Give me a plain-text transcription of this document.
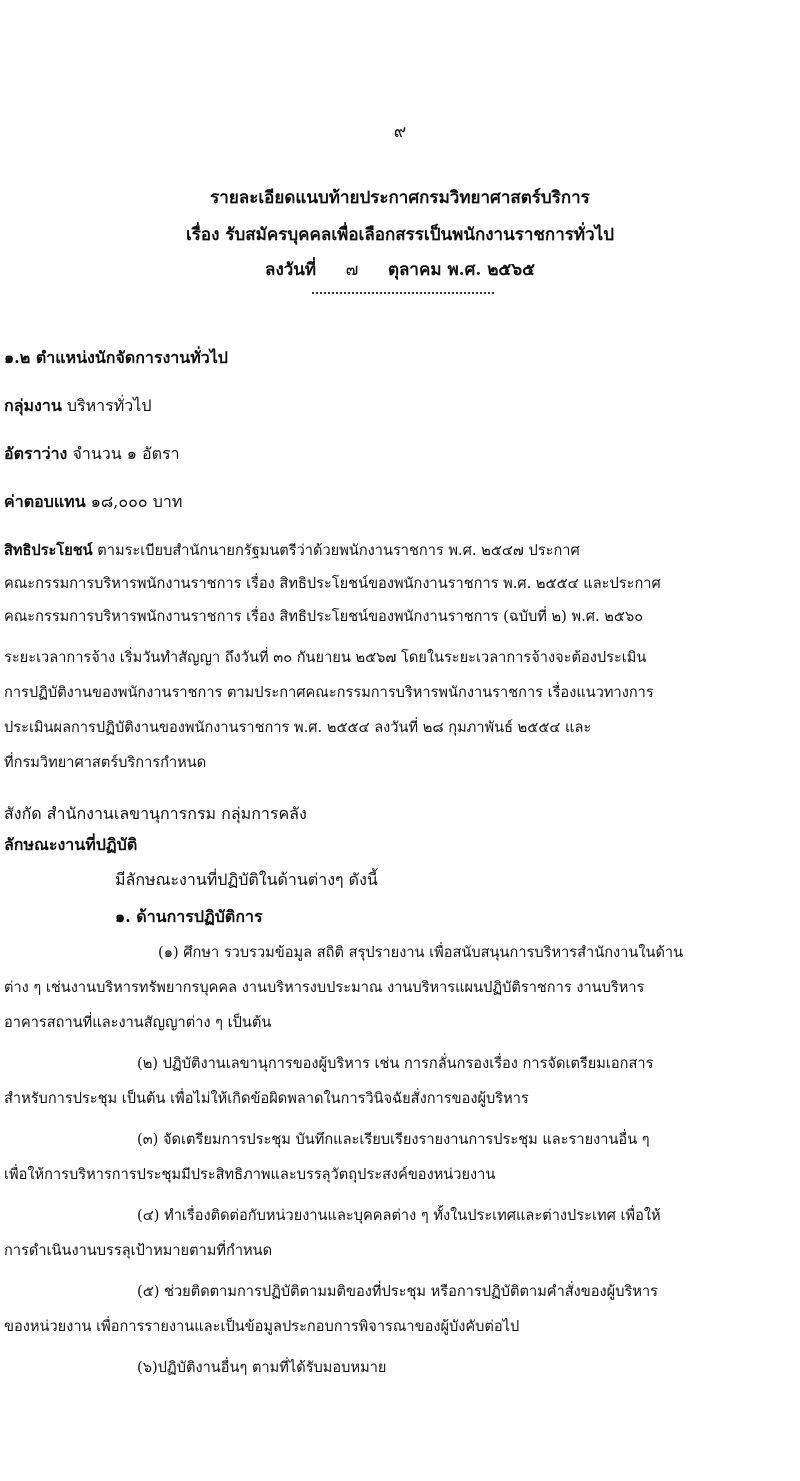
๙
รายละเอียดแนบท้ายประกาศกรมวิทยาศาสตร์บริการ
เรื่อง รับสมัครบุคคลเพื่อเลือกสรรเป็นพนักงานราชการทั่วไป
ลงวันที่ ๗ ตุลาคม พ.ศ. ๒๕๖๕
๑.๒ ตำแหน่งนักจัดการงานทั่วไป
กลุ่มงาน บริหารทั่วไป
อัตราว่าง จำนวน ๑ อัตรา
ค่าตอบแทน ๑๘,๐๐๐ บาท
สิทธิประโยชน์ ตามระเบียบสำนักนายกรัฐมนตรีว่าด้วยพนักงานราชการ พ.ศ. ๒๕๔๗ ประกาศ
คณะกรรมการบริหารพนักงานราชการ เรื่อง สิทธิประโยชน์ของพนักงานราชการ พ.ศ. ๒๕๕๔ และประกาศ
คณะกรรมการบริหารพนักงานราชการ เรื่อง สิทธิประโยชน์ของพนักงานราชการ (ฉบับที่ ๒) พ.ศ. ๒๕๖๐
ระยะเวลาการจ้าง เริ่มวันทำสัญญา ถึงวันที่ ๓๐ กันยายน ๒๕๖๗ โดยในระยะเวลาการจ้างจะต้องประเมิน
การปฏิบัติงานของพนักงานราชการ ตามประกาศคณะกรรมการบริหารพนักงานราชการ เรื่องแนวทางการ
ประเมินผลการปฏิบัติงานของพนักงานราชการ พ.ศ. ๒๕๕๔ ลงวันที่ ๒๘ กุมภาพันธ์ ๒๕๕๔ และ
ที่กรมวิทยาศาสตร์บริการกำหนด
สังกัด สำนักงานเลขานุการกรม กลุ่มการคลัง
ลักษณะงานที่ปฏิบัติ
มีลักษณะงานที่ปฏิบัติในด้านต่างๆ ดังนี้
๑. ด้านการปฏิบัติการ
(๑) ศึกษา รวบรวมข้อมูล สถิติ สรุปรายงาน เพื่อสนับสนุนการบริหารสำนักงานในด้าน
ต่าง ๆ เช่นงานบริหารทรัพยากรบุคคล งานบริหารงบประมาณ งานบริหารแผนปฏิบัติราชการ งานบริหาร
อาคารสถานที่และงานสัญญาต่าง ๆ เป็นต้น
(๒) ปฏิบัติงานเลขานุการของผู้บริหาร เช่น การกลั่นกรองเรื่อง การจัดเตรียมเอกสาร
สำหรับการประชุม เป็นต้น เพื่อไม่ให้เกิดข้อผิดพลาดในการวินิจฉัยสั่งการของผู้บริหาร
(๓) จัดเตรียมการประชุม บันทึกและเรียบเรียงรายงานการประชุม และรายงานอื่น ๆ
เพื่อให้การบริหารการประชุมมีประสิทธิภาพและบรรลุวัตถุประสงค์ของหน่วยงาน
(๔) ทำเรื่องติดต่อกับหน่วยงานและบุคคลต่าง ๆ ทั้งในประเทศและต่างประเทศ เพื่อให้
การดำเนินงานบรรลุเป้าหมายตามที่กำหนด
(๕) ช่วยติดตามการปฏิบัติตามมติของที่ประชุม หรือการปฏิบัติตามคำสั่งของผู้บริหาร
ของหน่วยงาน เพื่อการรายงานและเป็นข้อมูลประกอบการพิจารณาของผู้บังคับต่อไป
(๖)ปฏิบัติงานอื่นๆ ตามที่ได้รับมอบหมาย
